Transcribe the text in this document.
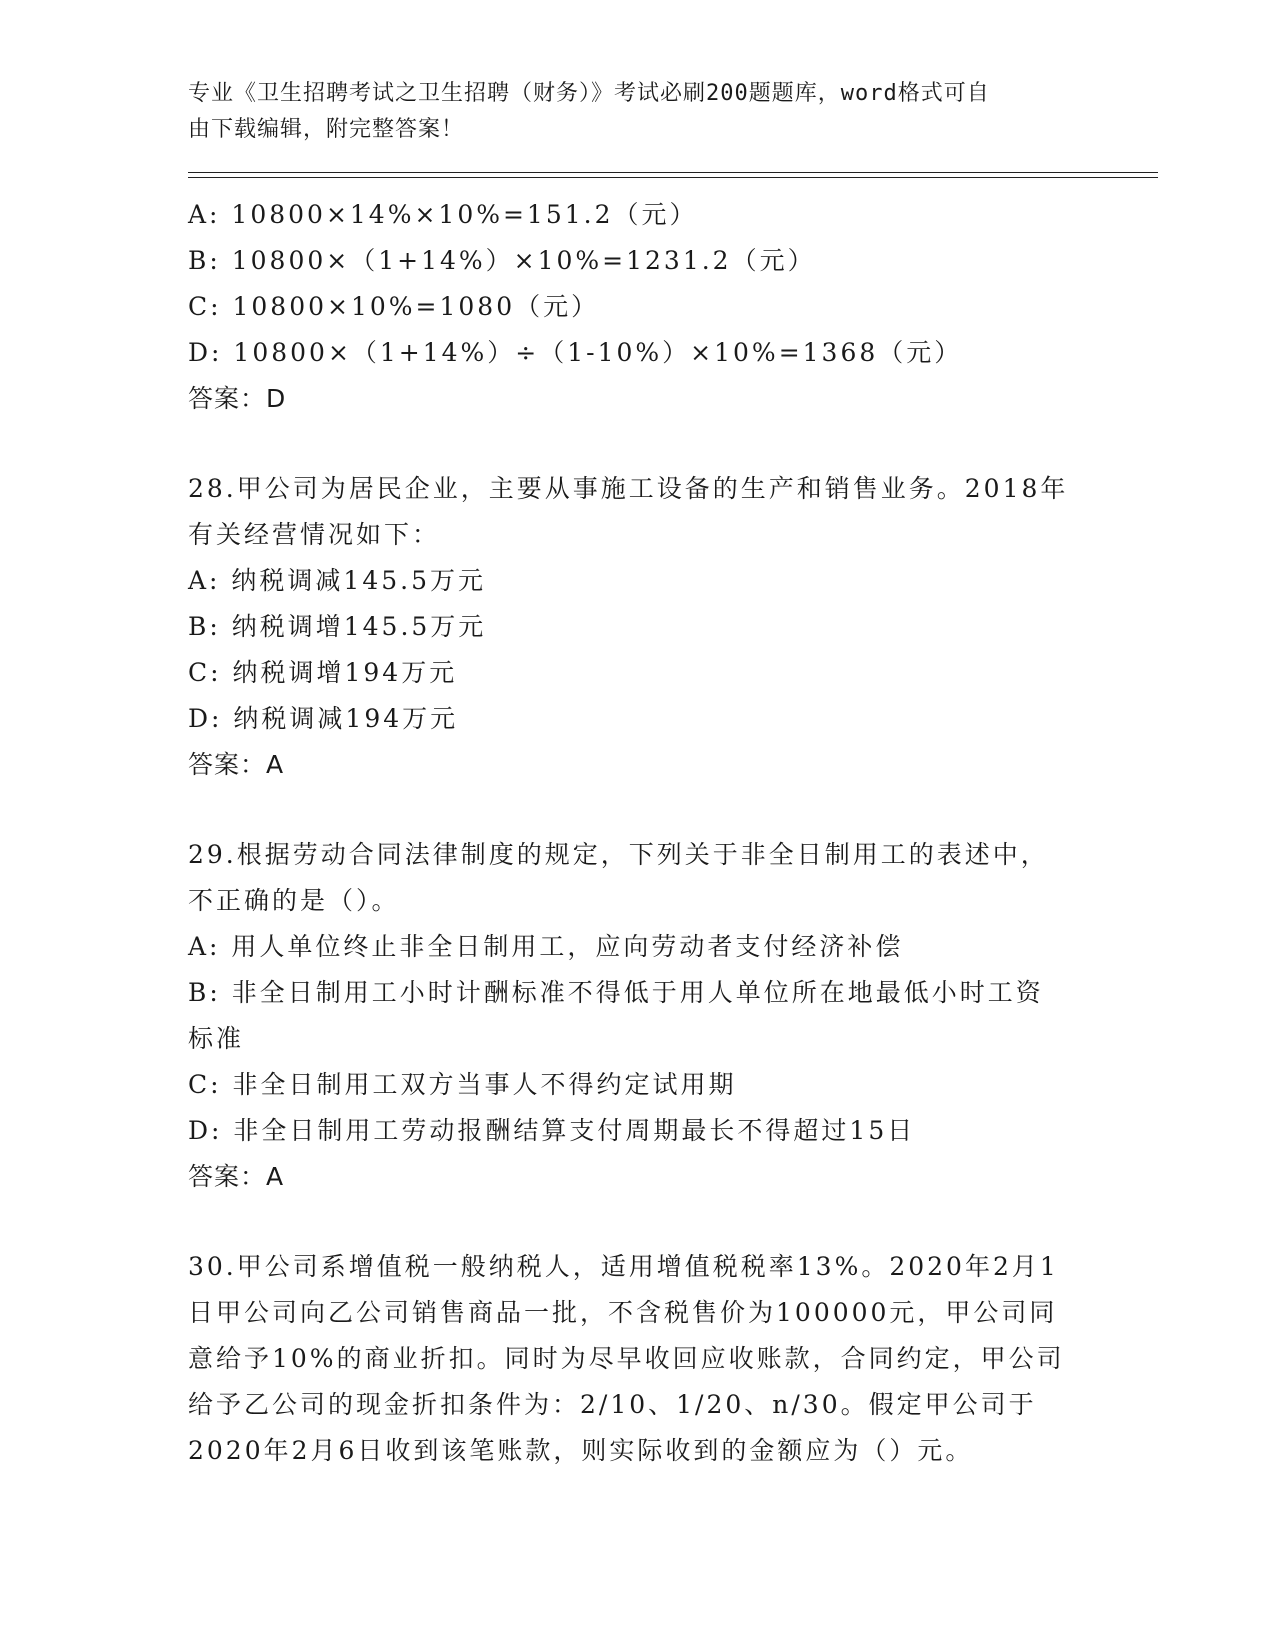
专业《卫生招聘考试之卫生招聘（财务）》考试必刷200题题库，word格式可自
由下载编辑，附完整答案！
A: 10800×14%×10%=151.2（元）
B: 10800×（1+14%）×10%=1231.2（元）
C: 10800×10%=1080（元）
D: 10800×（1+14%）÷（1-10%）×10%=1368（元）
答案：D
28.甲公司为居民企业，主要从事施工设备的生产和销售业务。2018年
有关经营情况如下：
A: 纳税调减145.5万元
B: 纳税调增145.5万元
C: 纳税调增194万元
D: 纳税调减194万元
答案：A
29.根据劳动合同法律制度的规定，下列关于非全日制用工的表述中，
不正确的是（）。
A: 用人单位终止非全日制用工，应向劳动者支付经济补偿
B: 非全日制用工小时计酬标准不得低于用人单位所在地最低小时工资
标准
C: 非全日制用工双方当事人不得约定试用期
D: 非全日制用工劳动报酬结算支付周期最长不得超过15日
答案：A
30.甲公司系增值税一般纳税人，适用增值税税率13%。2020年2月1
日甲公司向乙公司销售商品一批，不含税售价为100000元，甲公司同
意给予10%的商业折扣。同时为尽早收回应收账款，合同约定，甲公司
给予乙公司的现金折扣条件为：2/10、1/20、n/30。假定甲公司于
2020年2月6日收到该笔账款，则实际收到的金额应为（）元。
